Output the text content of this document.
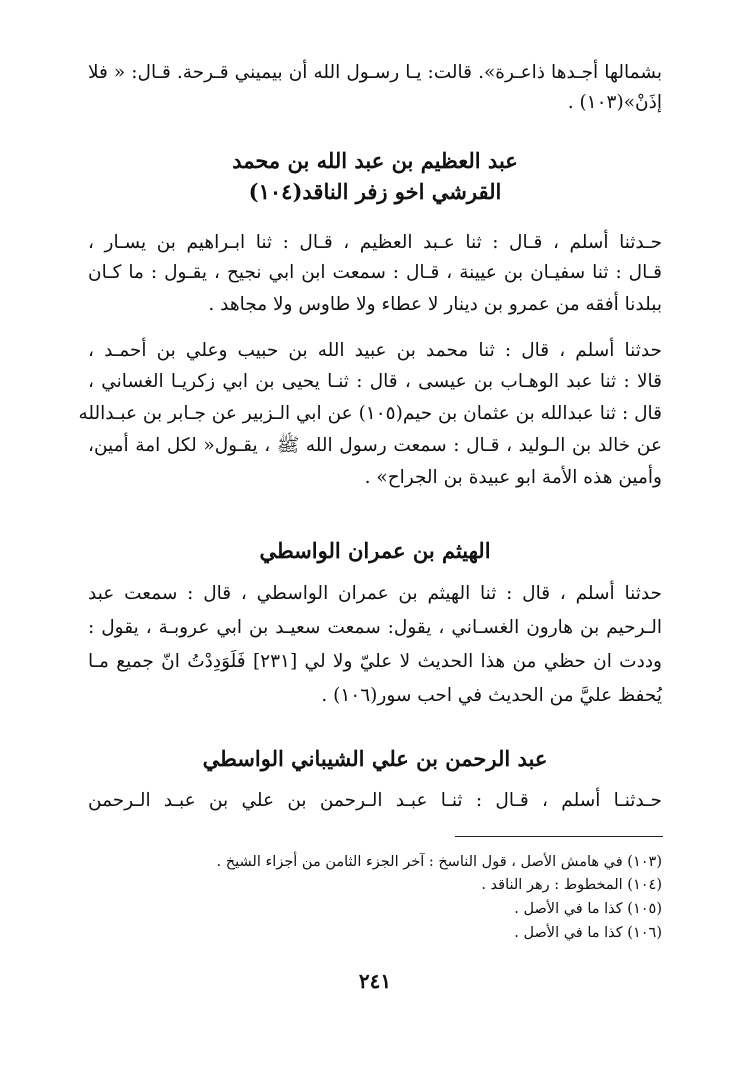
بشمالها أجـدها ذاعـرة». قالت: يـا رسـول الله أن بيميني قـرحة. قـال: « فلا
إذَنْ»(١٠٣) .
عبد العظيم بن عبد الله بن محمد
القرشي اخو زفر الناقد(١٠٤)
حـدثنا أسلم ، قـال : ثنا عـبد العظيم ، قـال : ثنا ابـراهيم بن يسـار ،
قـال : ثنا سفيـان بن عيينة ، قـال : سمعت ابن ابي نجيح ، يقـول : ما كـان
ببلدنا أفقه من عمرو بن دينار لا عطاء ولا طاوس ولا مجاهد .
حدثنا أسلم ، قال : ثنا محمد بن عبيد الله بن حبيب وعلي بن أحمـد ،
قالا : ثنا عبد الوهـاب بن عيسى ، قال : ثنـا يحيى بن ابي زكريـا الغساني ،
قال : ثنا عبدالله بن عثمان بن حيم(١٠٥) عن ابي الـزبير عن جـابر بن عبـدالله
عن خالد بن الـوليد ، قـال : سمعت رسول الله ﷺ ، يقـول« لكل امة أمين،
وأمين هذه الأمة ابو عبيدة بن الجراح» .
الهيثم بن عمران الواسطي
حدثنا أسلم ، قال : ثنا الهيثم بن عمران الواسطي ، قال : سمعت عبد
الـرحيم بن هارون الغسـاني ، يقول: سمعت سعيـد بن ابي عروبـة ، يقول :
وددت ان حظي من هذا الحديث لا عليّ ولا لي [٢٣١] فَلَوَدِدْتُ انّ جميع مـا
يُحفظ عليَّ من الحديث في احب سور(١٠٦) .
عبد الرحمن بن علي الشيباني الواسطي
حـدثنـا أسلم ، قـال : ثنـا عبـد الـرحمن بن علي بن عبـد الـرحمن
(١٠٣) في هامش الأصل ، قول الناسخ : آخر الجزء الثامن من أجزاء الشيخ .
(١٠٤) المخطوط : رهر الناقد .
(١٠٥) كذا ما في الأصل .
(١٠٦) كذا ما في الأصل .
٢٤١
